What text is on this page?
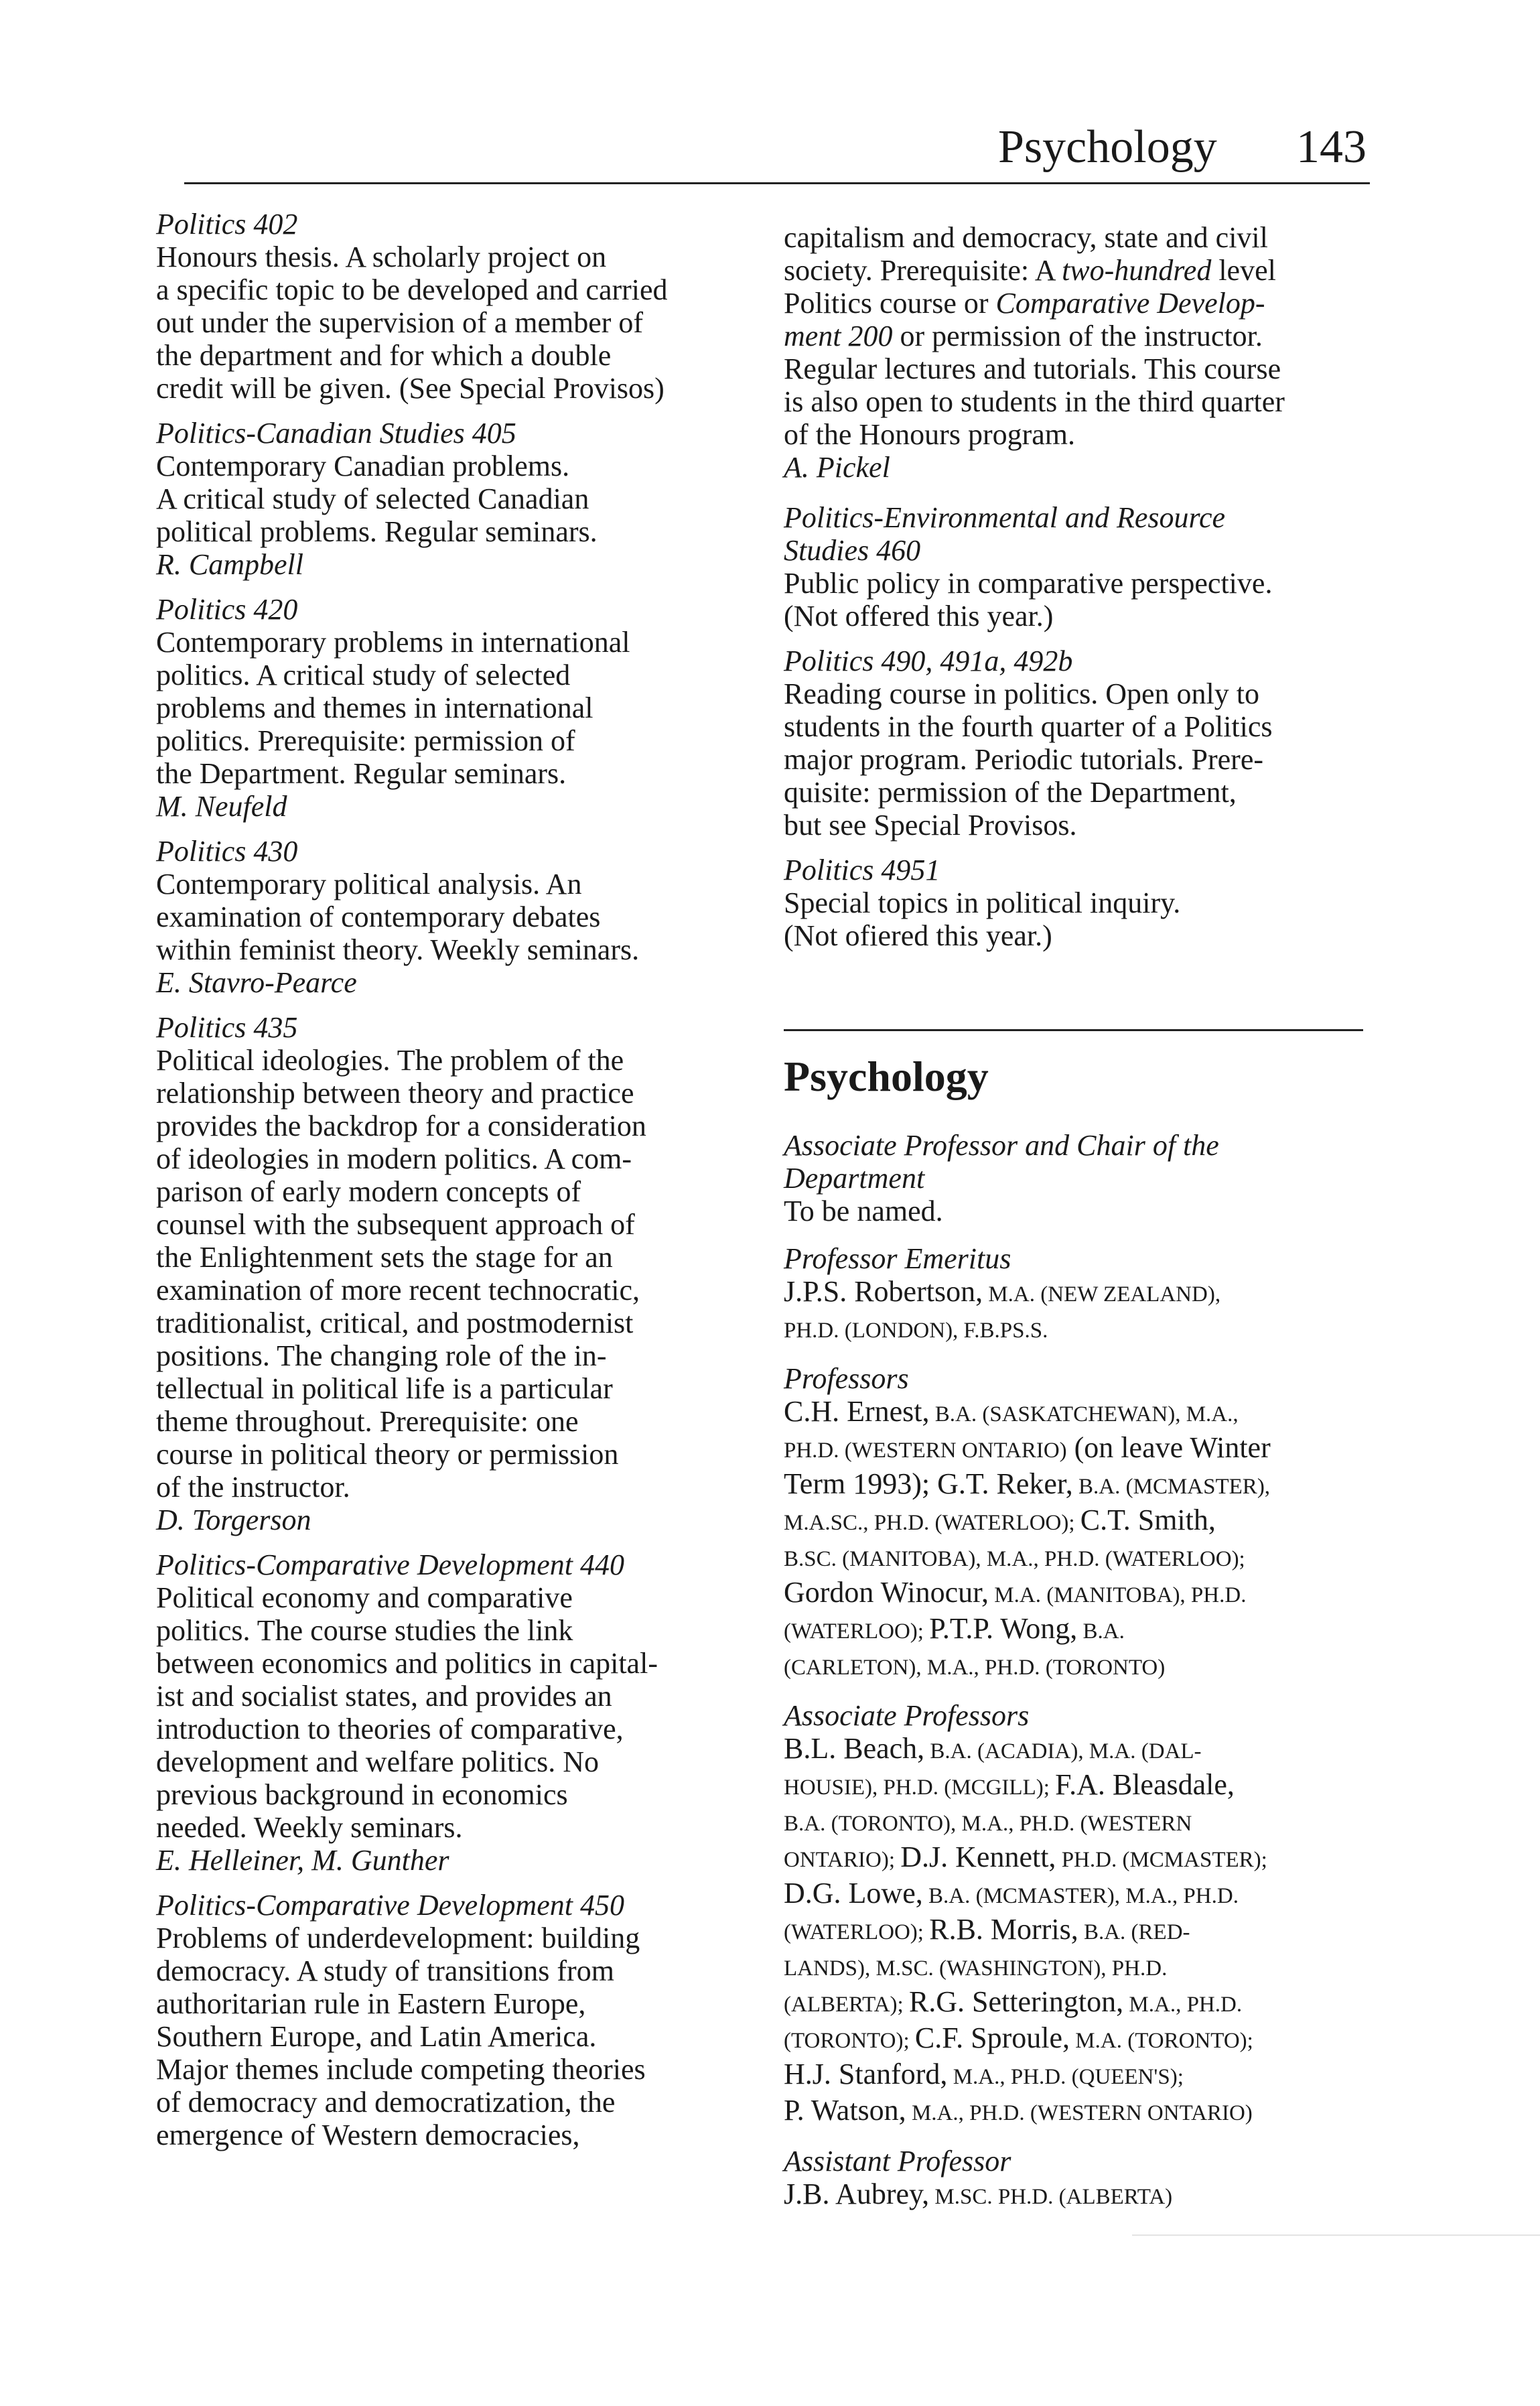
Psychology 143
Politics 402
Honours thesis. A scholarly project on
a specific topic to be developed and carried
out under the supervision of a member of
the department and for which a double
credit will be given. (See Special Provisos)
Politics-Canadian Studies 405
Contemporary Canadian problems.
A critical study of selected Canadian
political problems. Regular seminars.
R. Campbell
Politics 420
Contemporary problems in international
politics. A critical study of selected
problems and themes in international
politics. Prerequisite: permission of
the Department. Regular seminars.
M. Neufeld
Politics 430
Contemporary political analysis. An
examination of contemporary debates
within feminist theory. Weekly seminars.
E. Stavro-Pearce
Politics 435
Political ideologies. The problem of the
relationship between theory and practice
provides the backdrop for a consideration
of ideologies in modern politics. A com-
parison of early modern concepts of
counsel with the subsequent approach of
the Enlightenment sets the stage for an
examination of more recent technocratic,
traditionalist, critical, and postmodernist
positions. The changing role of the in-
tellectual in political life is a particular
theme throughout. Prerequisite: one
course in political theory or permission
of the instructor.
D. Torgerson
Politics-Comparative Development 440
Political economy and comparative
politics. The course studies the link
between economics and politics in capital-
ist and socialist states, and provides an
introduction to theories of comparative,
development and welfare politics. No
previous background in economics
needed. Weekly seminars.
E. Helleiner, M. Gunther
Politics-Comparative Development 450
Problems of underdevelopment: building
democracy. A study of transitions from
authoritarian rule in Eastern Europe,
Southern Europe, and Latin America.
Major themes include competing theories
of democracy and democratization, the
emergence of Western democracies,
capitalism and democracy, state and civil
society. Prerequisite: A two-hundred level
Politics course or Comparative Develop-
ment 200 or permission of the instructor.
Regular lectures and tutorials. This course
is also open to students in the third quarter
of the Honours program.
A. Pickel
Politics-Environmental and Resource
Studies 460
Public policy in comparative perspective.
(Not offered this year.)
Politics 490, 491a, 492b
Reading course in politics. Open only to
students in the fourth quarter of a Politics
major program. Periodic tutorials. Prere-
quisite: permission of the Department,
but see Special Provisos.
Politics 4951
Special topics in political inquiry.
(Not ofiered this year.)
Psychology
Associate Professor and Chair of the
Department
To be named.
Professor Emeritus
J.P.S. Robertson, M.A. (NEW ZEALAND),
PH.D. (LONDON), F.B.PS.S.
Professors
C.H. Ernest, B.A. (SASKATCHEWAN), M.A.,
PH.D. (WESTERN ONTARIO) (on leave Winter
Term 1993); G.T. Reker, B.A. (MCMASTER),
M.A.SC., PH.D. (WATERLOO); C.T. Smith,
B.SC. (MANITOBA), M.A., PH.D. (WATERLOO);
Gordon Winocur, M.A. (MANITOBA), PH.D.
(WATERLOO); P.T.P. Wong, B.A.
(CARLETON), M.A., PH.D. (TORONTO)
Associate Professors
B.L. Beach, B.A. (ACADIA), M.A. (DAL-
HOUSIE), PH.D. (MCGILL); F.A. Bleasdale,
B.A. (TORONTO), M.A., PH.D. (WESTERN
ONTARIO); D.J. Kennett, PH.D. (MCMASTER);
D.G. Lowe, B.A. (MCMASTER), M.A., PH.D.
(WATERLOO); R.B. Morris, B.A. (RED-
LANDS), M.SC. (WASHINGTON), PH.D.
(ALBERTA); R.G. Setterington, M.A., PH.D.
(TORONTO); C.F. Sproule, M.A. (TORONTO);
H.J. Stanford, M.A., PH.D. (QUEEN'S);
P. Watson, M.A., PH.D. (WESTERN ONTARIO)
Assistant Professor
J.B. Aubrey, M.SC. PH.D. (ALBERTA)
